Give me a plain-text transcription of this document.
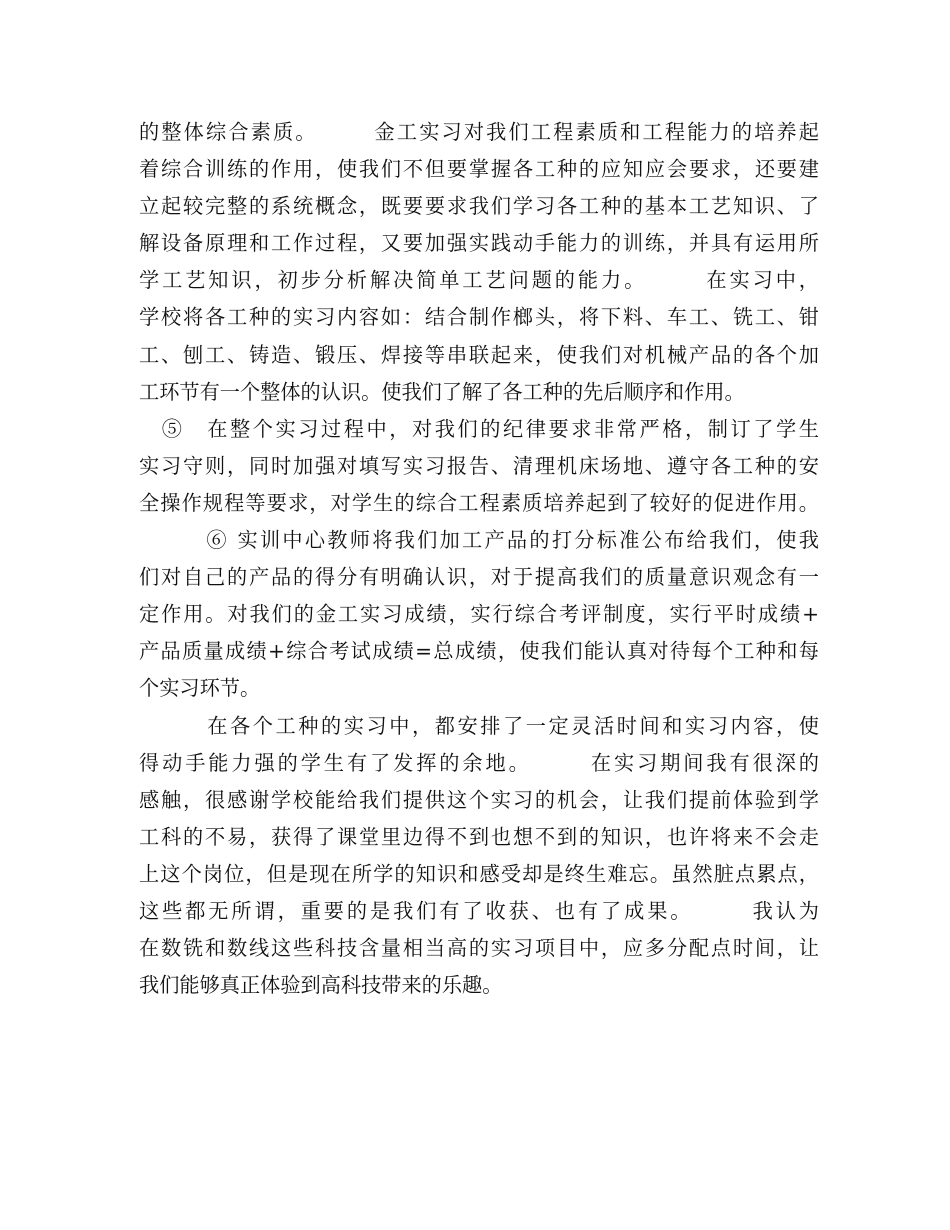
的整体综合素质。　　　金工实习对我们工程素质和工程能力的培养起
着综合训练的作用，使我们不但要掌握各工种的应知应会要求，还要建
立起较完整的系统概念，既要要求我们学习各工种的基本工艺知识、了
解设备原理和工作过程，又要加强实践动手能力的训练，并具有运用所
学工艺知识，初步分析解决简单工艺问题的能力。　　　在实习中，
学校将各工种的实习内容如：结合制作榔头，将下料、车工、铣工、钳
工、刨工、铸造、锻压、焊接等串联起来，使我们对机械产品的各个加
工环节有一个整体的认识。使我们了解了各工种的先后顺序和作用。
　⑤　在整个实习过程中，对我们的纪律要求非常严格，制订了学生
实习守则，同时加强对填写实习报告、清理机床场地、遵守各工种的安
全操作规程等要求，对学生的综合工程素质培养起到了较好的促进作用。
　　　⑥ 实训中心教师将我们加工产品的打分标准公布给我们，使我
们对自己的产品的得分有明确认识，对于提高我们的质量意识观念有一
定作用。对我们的金工实习成绩，实行综合考评制度，实行平时成绩+
产品质量成绩+综合考试成绩=总成绩，使我们能认真对待每个工种和每
个实习环节。
　　　在各个工种的实习中，都安排了一定灵活时间和实习内容，使
得动手能力强的学生有了发挥的余地。　　　在实习期间我有很深的
感触，很感谢学校能给我们提供这个实习的机会，让我们提前体验到学
工科的不易，获得了课堂里边得不到也想不到的知识，也许将来不会走
上这个岗位，但是现在所学的知识和感受却是终生难忘。虽然脏点累点，
这些都无所谓，重要的是我们有了收获、也有了成果。　　　我认为
在数铣和数线这些科技含量相当高的实习项目中，应多分配点时间，让
我们能够真正体验到高科技带来的乐趣。
